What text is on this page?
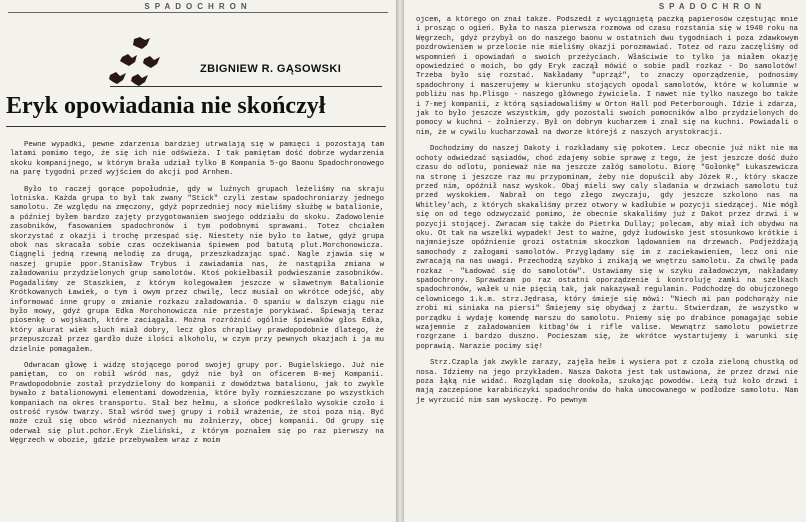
SPADOCHRON
ZBIGNIEW R. GĄSOWSKI
Eryk opowiadania nie skończył

Pewne wypadki, pewne zdarzenia bardziej utrwalają się w pamięci i pozostają tam latami pomimo tego, że się ich nie odświeża. I tak pamiętam dość dobrze wydarzenia skoku kompanijnego, w którym brała udział tylko B Kompania 5-go Baonu Spadochronowego na parę tygodni przed wyjściem do akcji pod Arnhem.

Było to raczej gorące popołudnie, gdy w luźnych grupach leżeliśmy na skraju lotniska. Każda grupa to był tak zwany "Stick" czyli zestaw spadochroniarzy jednego samolotu. Ze względu na zmęczony, gdyż poprzedniej nocy mieliśmy służbę w batalionie, a później byłem bardzo zajęty przygotowaniem swojego oddziału do skoku. Zadowolenie zasobników, fasowaniem spadochronów i tym podobnymi sprawami. Totez chciałem skorzystać z okazji i trochę przespać się. Niestety nie było to łatwe, gdyż grupa obok nas skracała sobie czas oczekiwania śpiewem pod batutą plut.Morchonowicza. Ciągnęli jedną rzewną melodię za drugą, przeszkadzając spać. Nagle zjawia się w naszej grupie ppor.Stanisław Trybus i zawiadamia nas, że nastąpiła zmiana w załadowaniu przydzielonych grup samolotów. Ktoś pokiełbasił podwieszanie zasobników. Pogadaliśmy ze Staszkiem, z którym kolegowałem jeszcze w sławetnym Batalionie Krótkowanych Ławiek, o tym i owym przez chwilę, lecz musiał on wkrótce odejść, aby informować inne grupy o zmianie rozkazu załadowania. O spaniu w dalszym ciągu nie było mowy, gdyż grupa Edka Morchonowicza nie przestaje porykiwać. Śpiewają teraz piosenkę o wojskach, które zaciągała. Można rozróżnić ogólnie śpiewaków głos Edka, który akurat wiek słuch miał dobry, lecz głos chrapliwy prawdopodobnie dlatego, że przepuszczał przez gardło duże ilości alkoholu, w czym przy pewnych okazjach i ja mu dzielnie pomagałem.

Odwracam głowę i widzę stojącego porod swojej grupy por. Bugielskiego. Już nie pamiętam, co on robił wśród nas, gdyż nie był on oficerem B-mej Kompanii. Prawdopodobnie został przydzielony do kompanii z dowództwa batalionu, jak to zwykle bywało z batalionowymi elementami dowodzenia, które były rozmieszczane po wszystkich kompaniach na okres transportu. Stał bez hełmu, a słońce podkreślało wysokie czoło i ostrość rysów twarzy. Stał wśród swej grupy i robił wrażenie, że stoi poza nią. Być może czuł się obco wśród nieznanych mu żołnierzy, obcej kompanii. Od grupy się oderwał się plut.pchor.Eryk Zieliński, z którym poznałem się po raz pierwszy na Węgrzech w obozie, gdzie przebywałem wraz z moim

SPADOCHRON

ojcem, a którego on znał także. Podszedł z wyciągniętą paczką papierosów częstując mnie i prosząc o ogień. Była to nasza pierwsza rozmowa od czasu rozstania się w 1940 roku na Węgrzech, gdyż przybył on do naszego baonu w ostatnich dwu tygodniach i poza zdawkowym pozdrowieniem w przelocie nie mieliśmy okazji porozmawiać. Totez od razu zaczęliśmy od wspomnień i opowiadań o swoich przeżyciach. Właściwie to tylko ja miałem okazję opowiedzieć o moich, bo gdy Eryk zaczął mówić o sobie padł rozkaz - Do samolotów! Trzeba było się rozstać. Nakładamy "uprząż", to znaczy oporządzenie, podnosimy spadochrony i maszerujemy w kierunku stojących opodal samolotów, które w kolumnie w pobliżu nas hp.Plisgo - naszego głównego żywiciela. I nawet nie tylko naszego bo także i 7-mej kompanii, z którą sąsiadowaliśmy w Orton Hall pod Peterborough. Idzie i zdarza, jak to było jeszcze wszystkim, gdy pozostali swoich pomocników albo przydzielonych do pomocy w kuchni - żołnierzy. Był on dobrym kucharzem i znał się na kuchni. Powiadali o nim, że w cywilu kucharzował na dworze którejś z naszych arystokracji.

Dochodzimy do naszej Dakoty i rozkładamy się pokotem. Lecz obecnie już nikt nie ma ochoty odwiedzać sąsiadów, choć zdajemy sobie sprawę z tego, że jest jeszcze dość dużo czasu do odlotu, ponieważ nie ma jeszcze załóg samolotu. Biorę "Gołonkę" Łukaszewicza na stronę i jeszcze raz mu przypominam, żeby nie dopuścił aby Józek R., który skacze przed nim, opóźnił nasz wyskok. Obaj mieli swy caly sladania w drzwiach samolotu tuż przed wyskokiem. Nabrał on tego złego zwyczaju, gdy jeszcze szkolono nas na Whitley'ach, z których skakaliśmy przez otwory w kadłubie w pozycji siedzącej. Nie mógł się on od tego odzwyczaić pomimo, że obecnie skakaliśmy już z Dakot przez drzwi i w pozycji stojącej. Zwracam się także do Pietrka Dullay; polecam, aby miał ich obydwu na oku. Ot tak na wszelki wypadek! Jest to ważne, gdyż łudowisko jest stosunkowo krótkie i najmniejsze opóźnienie grozi ostatnim skoczkom lądowaniem na drzewach. Podjeżdżają samochody z załogami samolotów. Przyglądamy się im z zaciekawieniem, lecz oni nie zwracają na nas uwagi. Przechodzą szybko i znikają we wnętrzu samolotu. Za chwilę pada rozkaz - "Ładować się do samolotów". Ustawiamy się w szyku załadowczym, nakładamy spadochrony. Sprawdzam po raz ostatni oporządzenie i kontroluję zamki na szelkach spadochronów, wałek u nie pięcią tak, jak nakazywał regulamin. Podchodzę do obujczonego celownicego 1.k.m. strz.Jędrasa, który śmieje się mówi: "Niech mi pan podchorąży nie zrobi mi siniaka na piersi" Śmiejemy się obydwaj z żartu. Stwierdzam, że wszystko w porządku i wydaję komendę marszu do samolotu. Pniemy się po drabince pomagając sobie wzajemnie z załadowaniem kitbag'ów i rifle valise. Wewnątrz samolotu powietrze rozgrzane i bardzo duszno. Pocieszam się, że wkrótce wystartujemy i warunki się poprawią. Narazie pocimy się!

Strz.Czapla jak zwykle zarazy, zajęła hełm i wysiera pot z czoła zieloną chustką od nosa. Idziemy na jego przykładem. Nasza Dakota jest tak ustawiona, że przez drzwi nie poza łąką nie widać. Rozglądam się dookoła, szukając powodów. Leżą tuż koło drzwi i mają zaczepione karabińczyki spadochronów do haka umocowanego w podłodze samolotu. Nam je wyrzucić nim sam wyskoczę. Po pewnym
